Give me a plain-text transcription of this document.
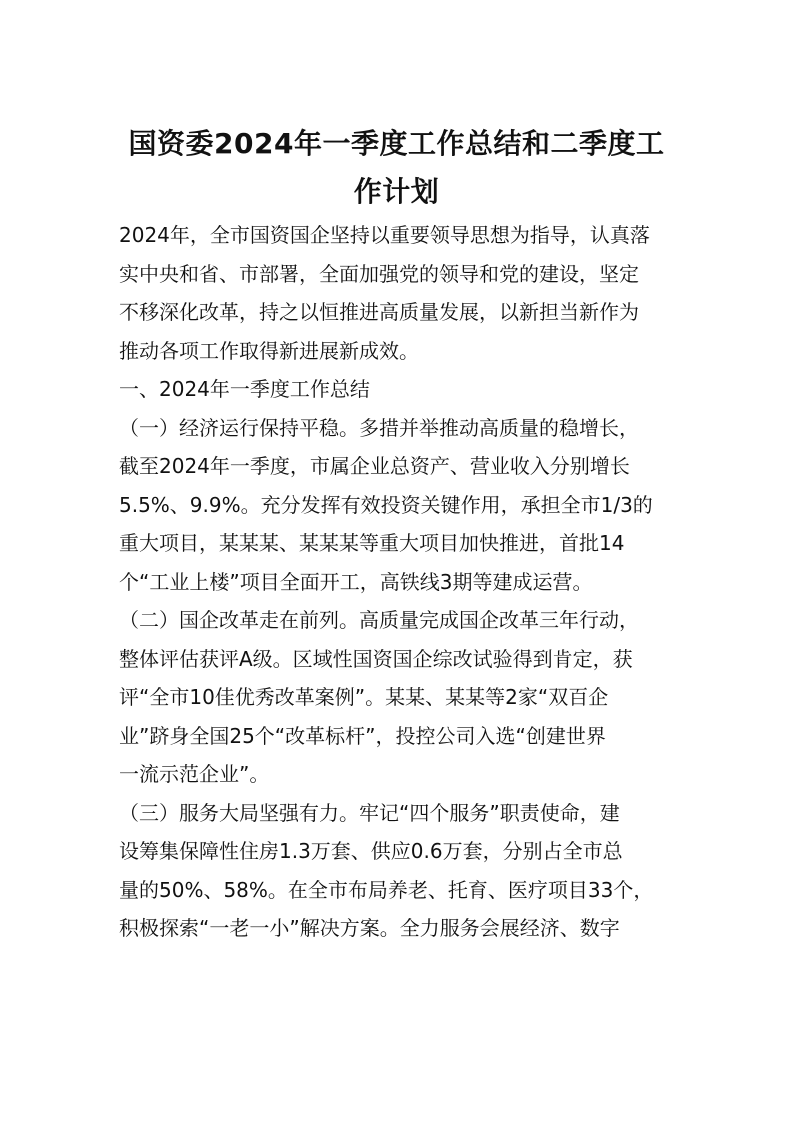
国资委2024年一季度工作总结和二季度工
作计划
2024年，全市国资国企坚持以重要领导思想为指导，认真落
实中央和省、市部署，全面加强党的领导和党的建设，坚定
不移深化改革，持之以恒推进高质量发展，以新担当新作为
推动各项工作取得新进展新成效。
一、2024年一季度工作总结
（一）经济运行保持平稳。多措并举推动高质量的稳增长，
截至2024年一季度，市属企业总资产、营业收入分别增长
5.5%、9.9%。充分发挥有效投资关键作用，承担全市1/3的
重大项目，某某某、某某某等重大项目加快推进，首批14
个“工业上楼”项目全面开工，高铁线3期等建成运营。
（二）国企改革走在前列。高质量完成国企改革三年行动，
整体评估获评A级。区域性国资国企综改试验得到肯定，获
评“全市10佳优秀改革案例”。某某、某某等2家“双百企
业”跻身全国25个“改革标杆”，投控公司入选“创建世界
一流示范企业”。
（三）服务大局坚强有力。牢记“四个服务”职责使命，建
设筹集保障性住房1.3万套、供应0.6万套，分别占全市总
量的50%、58%。在全市布局养老、托育、医疗项目33个，
积极探索“一老一小”解决方案。全力服务会展经济、数字
